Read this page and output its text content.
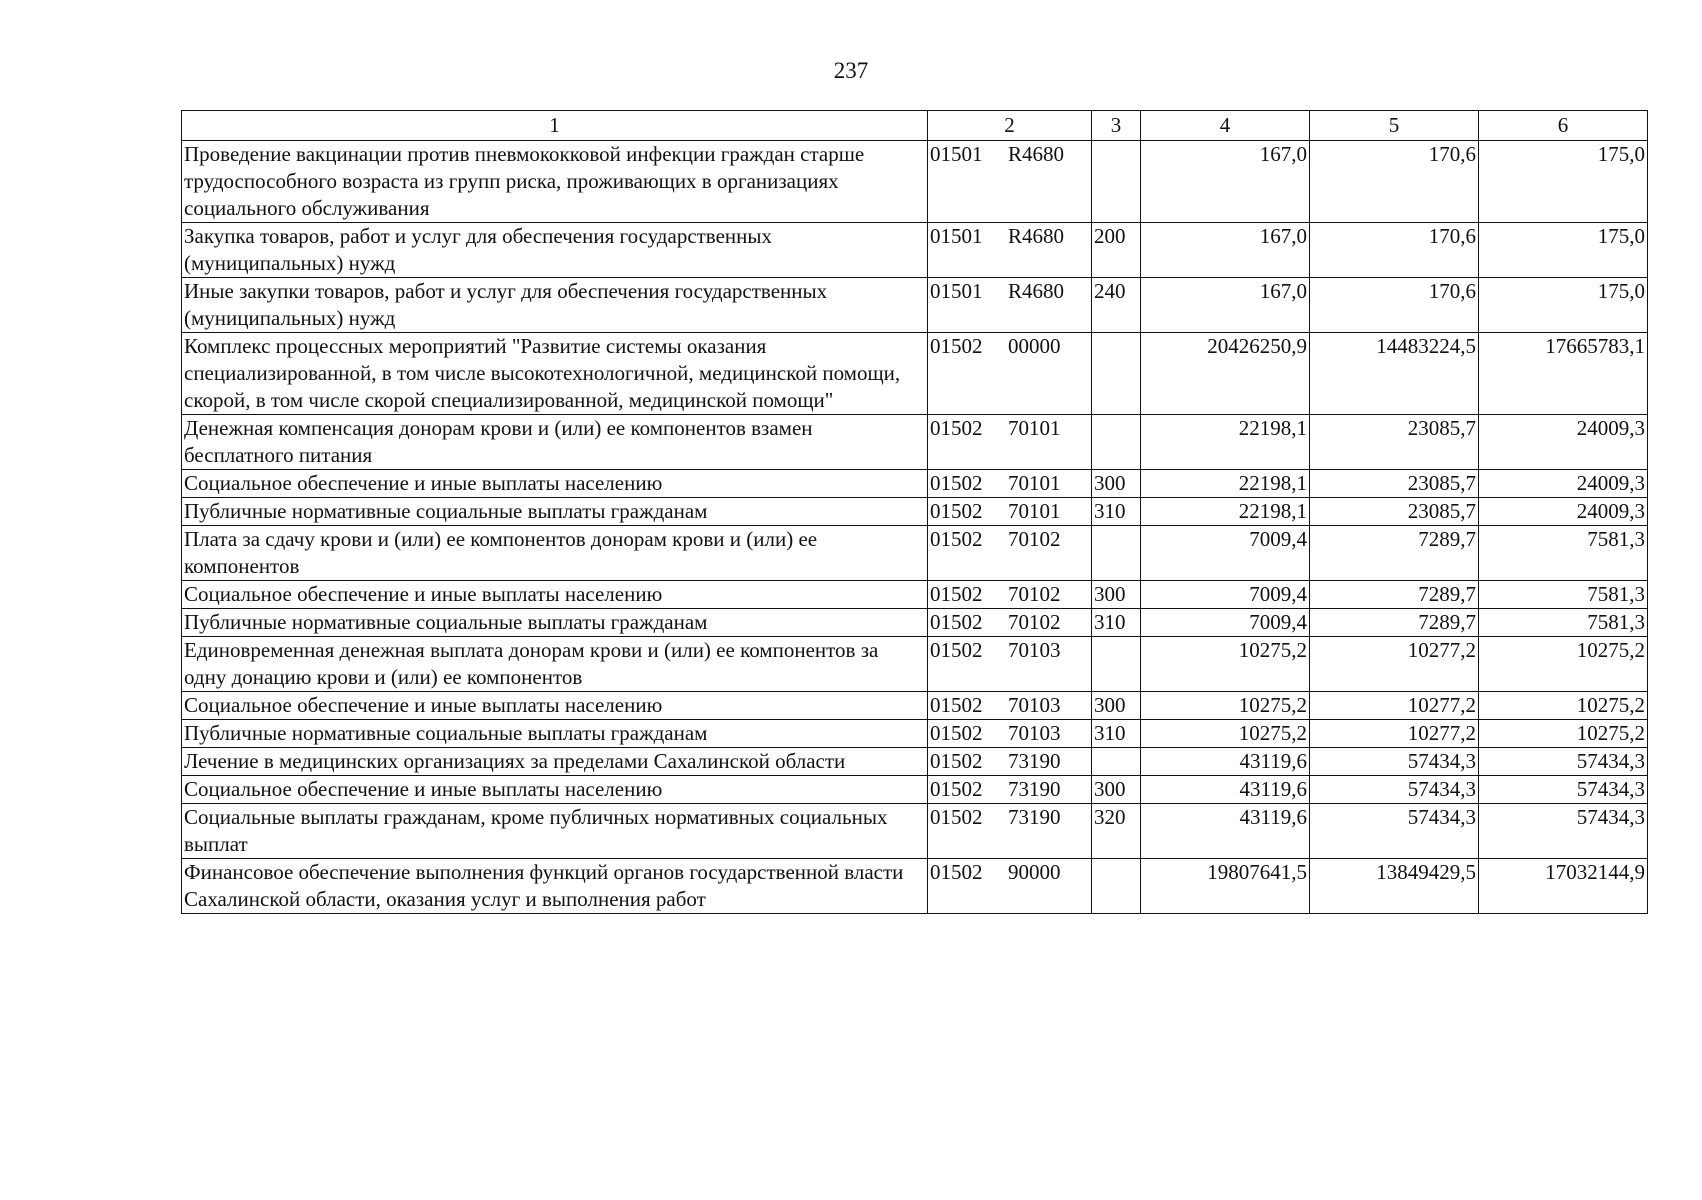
237
1	2	3	4	5	6
Проведение вакцинации против пневмококковой инфекции граждан старше трудоспособного возраста из групп риска, проживающих в организациях социального обслуживания	01501 R4680		167,0	170,6	175,0
Закупка товаров, работ и услуг для обеспечения государственных (муниципальных) нужд	01501 R4680	200	167,0	170,6	175,0
Иные закупки товаров, работ и услуг для обеспечения государственных (муниципальных) нужд	01501 R4680	240	167,0	170,6	175,0
Комплекс процессных мероприятий "Развитие системы оказания специализированной, в том числе высокотехнологичной, медицинской помощи, скорой, в том числе скорой специализированной, медицинской помощи"	01502 00000		20426250,9	14483224,5	17665783,1
Денежная компенсация донорам крови и (или) ее компонентов взамен бесплатного питания	01502 70101		22198,1	23085,7	24009,3
Социальное обеспечение и иные выплаты населению	01502 70101	300	22198,1	23085,7	24009,3
Публичные нормативные социальные выплаты гражданам	01502 70101	310	22198,1	23085,7	24009,3
Плата за сдачу крови и (или) ее компонентов донорам крови и (или) ее компонентов	01502 70102		7009,4	7289,7	7581,3
Социальное обеспечение и иные выплаты населению	01502 70102	300	7009,4	7289,7	7581,3
Публичные нормативные социальные выплаты гражданам	01502 70102	310	7009,4	7289,7	7581,3
Единовременная денежная выплата донорам крови и (или) ее компонентов за одну донацию крови и (или) ее компонентов	01502 70103		10275,2	10277,2	10275,2
Социальное обеспечение и иные выплаты населению	01502 70103	300	10275,2	10277,2	10275,2
Публичные нормативные социальные выплаты гражданам	01502 70103	310	10275,2	10277,2	10275,2
Лечение в медицинских организациях за пределами Сахалинской области	01502 73190		43119,6	57434,3	57434,3
Социальное обеспечение и иные выплаты населению	01502 73190	300	43119,6	57434,3	57434,3
Социальные выплаты гражданам, кроме публичных нормативных социальных выплат	01502 73190	320	43119,6	57434,3	57434,3
Финансовое обеспечение выполнения функций органов государственной власти Сахалинской области, оказания услуг и выполнения работ	01502 90000		19807641,5	13849429,5	17032144,9
